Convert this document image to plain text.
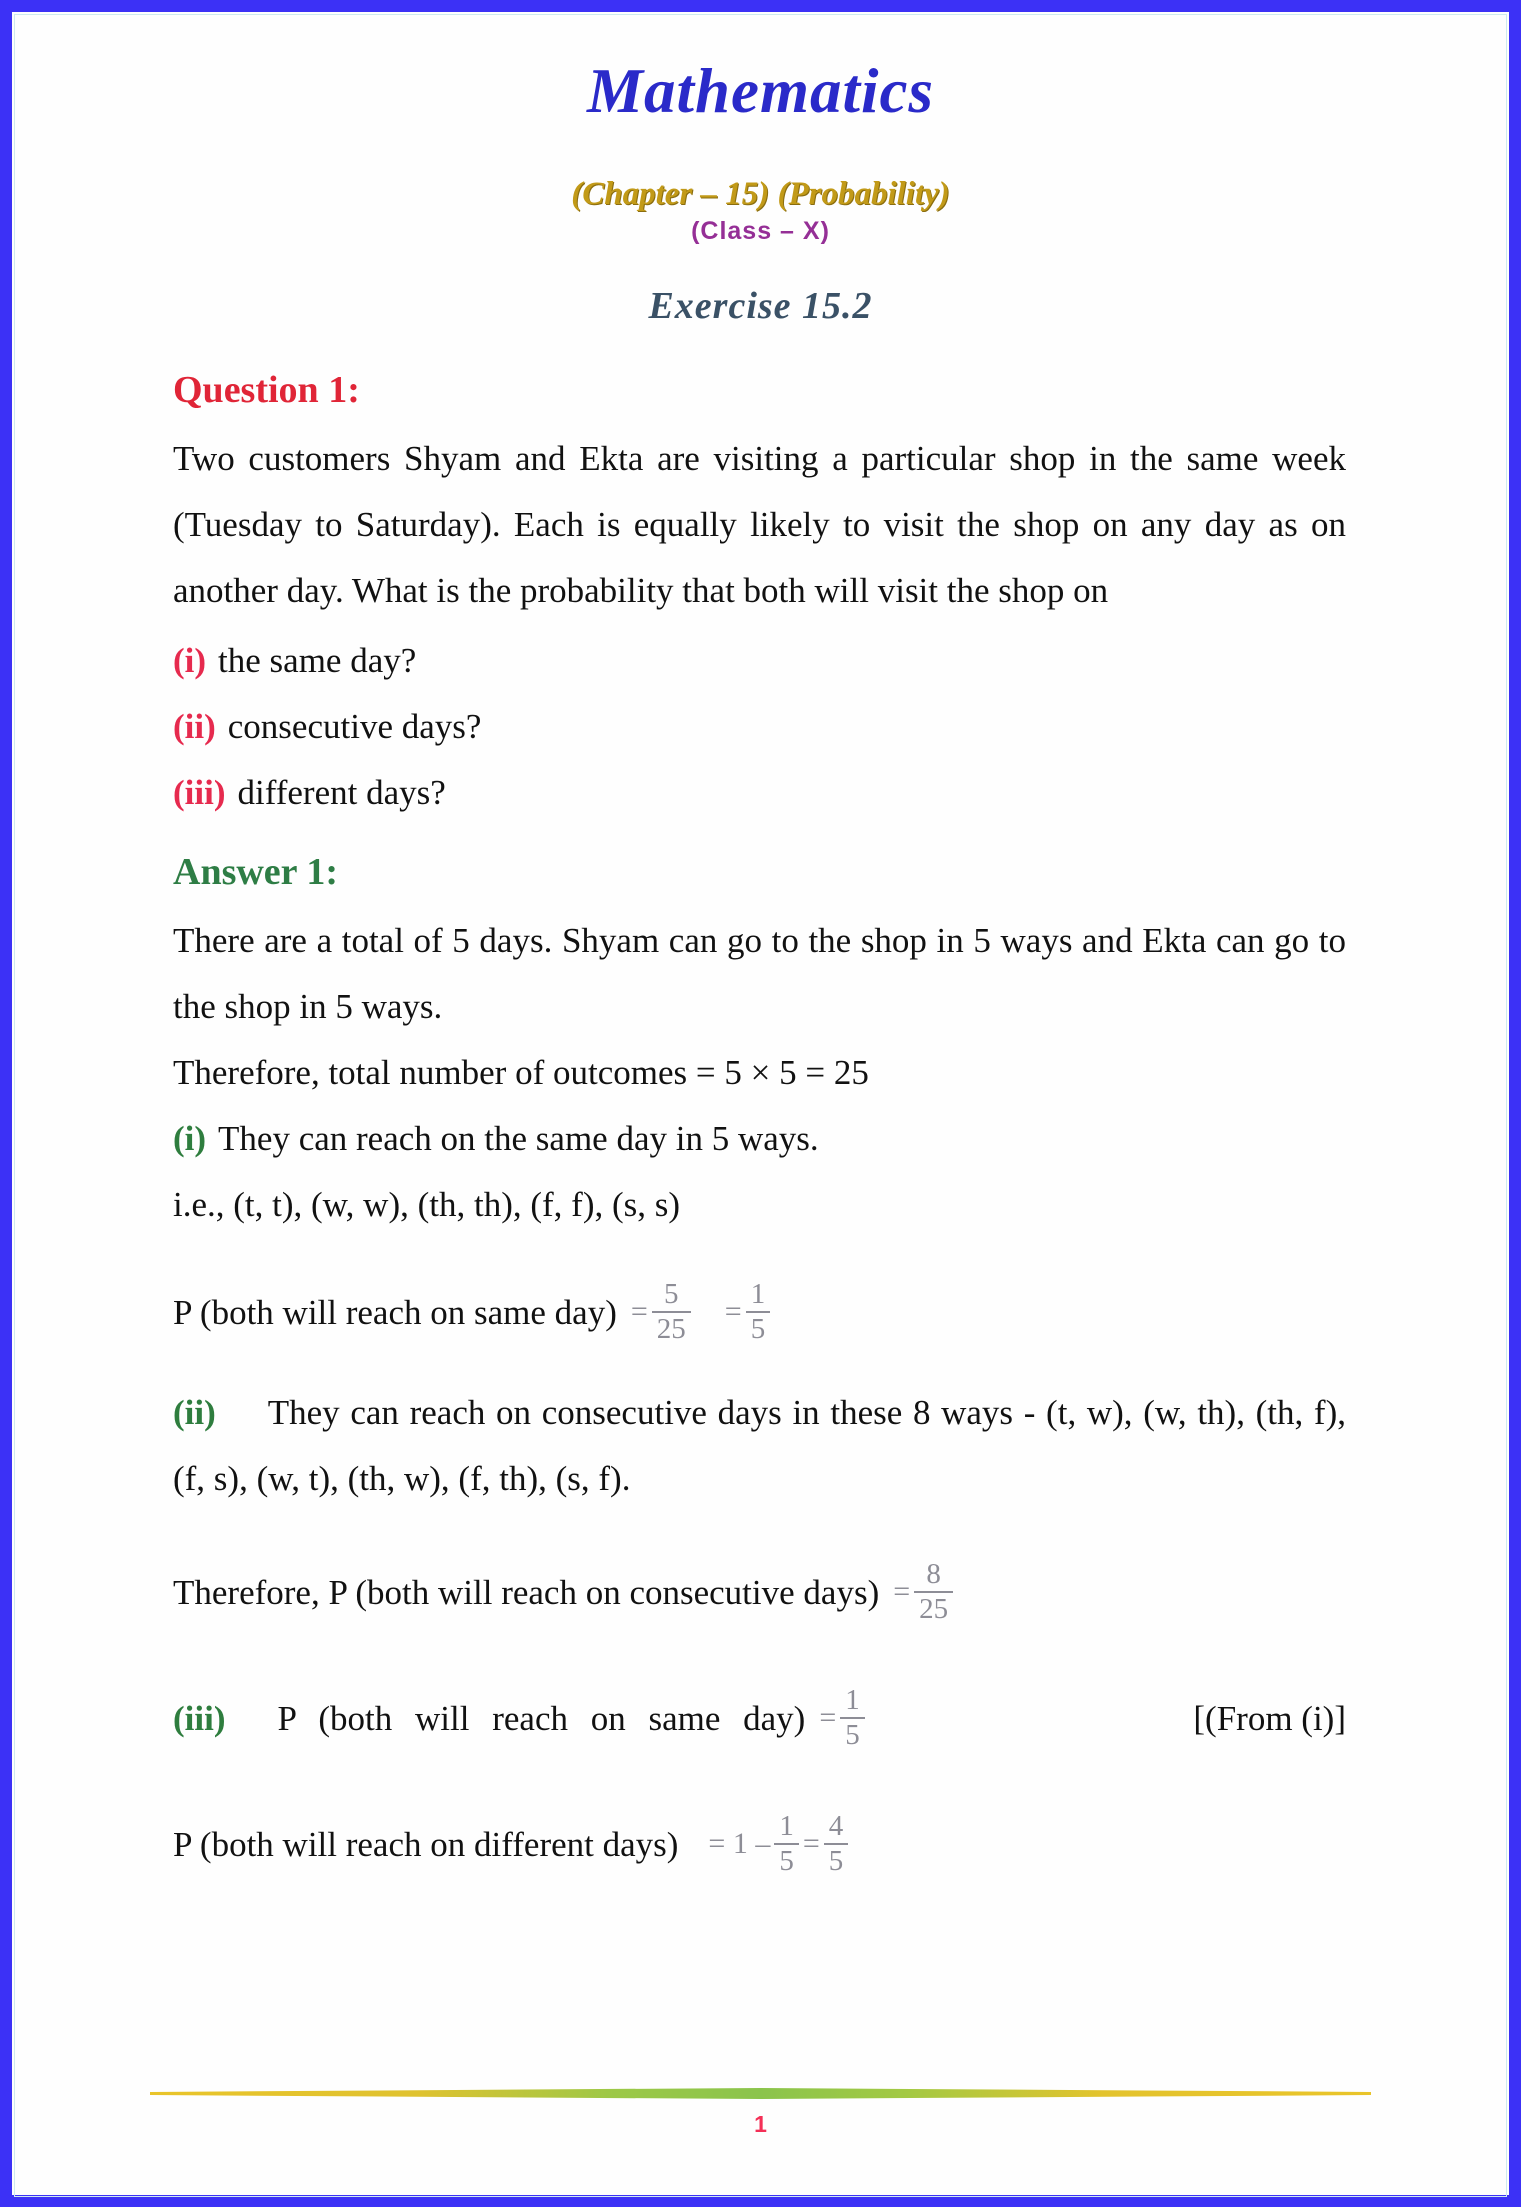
Mathematics
(Chapter – 15) (Probability)
(Class – X)
Exercise 15.2
Question 1:

Two customers Shyam and Ekta are visiting a particular shop in the same week (Tuesday to Saturday). Each is equally likely to visit the shop on any day as on another day. What is the probability that both will visit the shop on

(i) the same day?

(ii) consecutive days?

(iii) different days?

Answer 1:

There are a total of 5 days. Shyam can go to the shop in 5 ways and Ekta can go to the shop in 5 ways.

Therefore, total number of outcomes = 5 × 5 = 25

(i) They can reach on the same day in 5 ways.

i.e., (t, t), (w, w), (th, th), (f, f), (s, s)

P (both will reach on same $day) = \frac{5}{25} = \frac{1}{5}$

(ii) They can reach on consecutive days in these 8 ways - (t, w), (w, th), (th, f), (f, s), (w, t), (th, w), (f, th), (s, f).

Therefore, P (both will reach on consecutive days) = $\frac{8}{25}$
(iii) P (both will reach on same $day) = \frac{1}{5}$	[(From (i)]
P (both will reach on different days) = $1 - \frac{1}{5} = \frac{4}{5}$
1
